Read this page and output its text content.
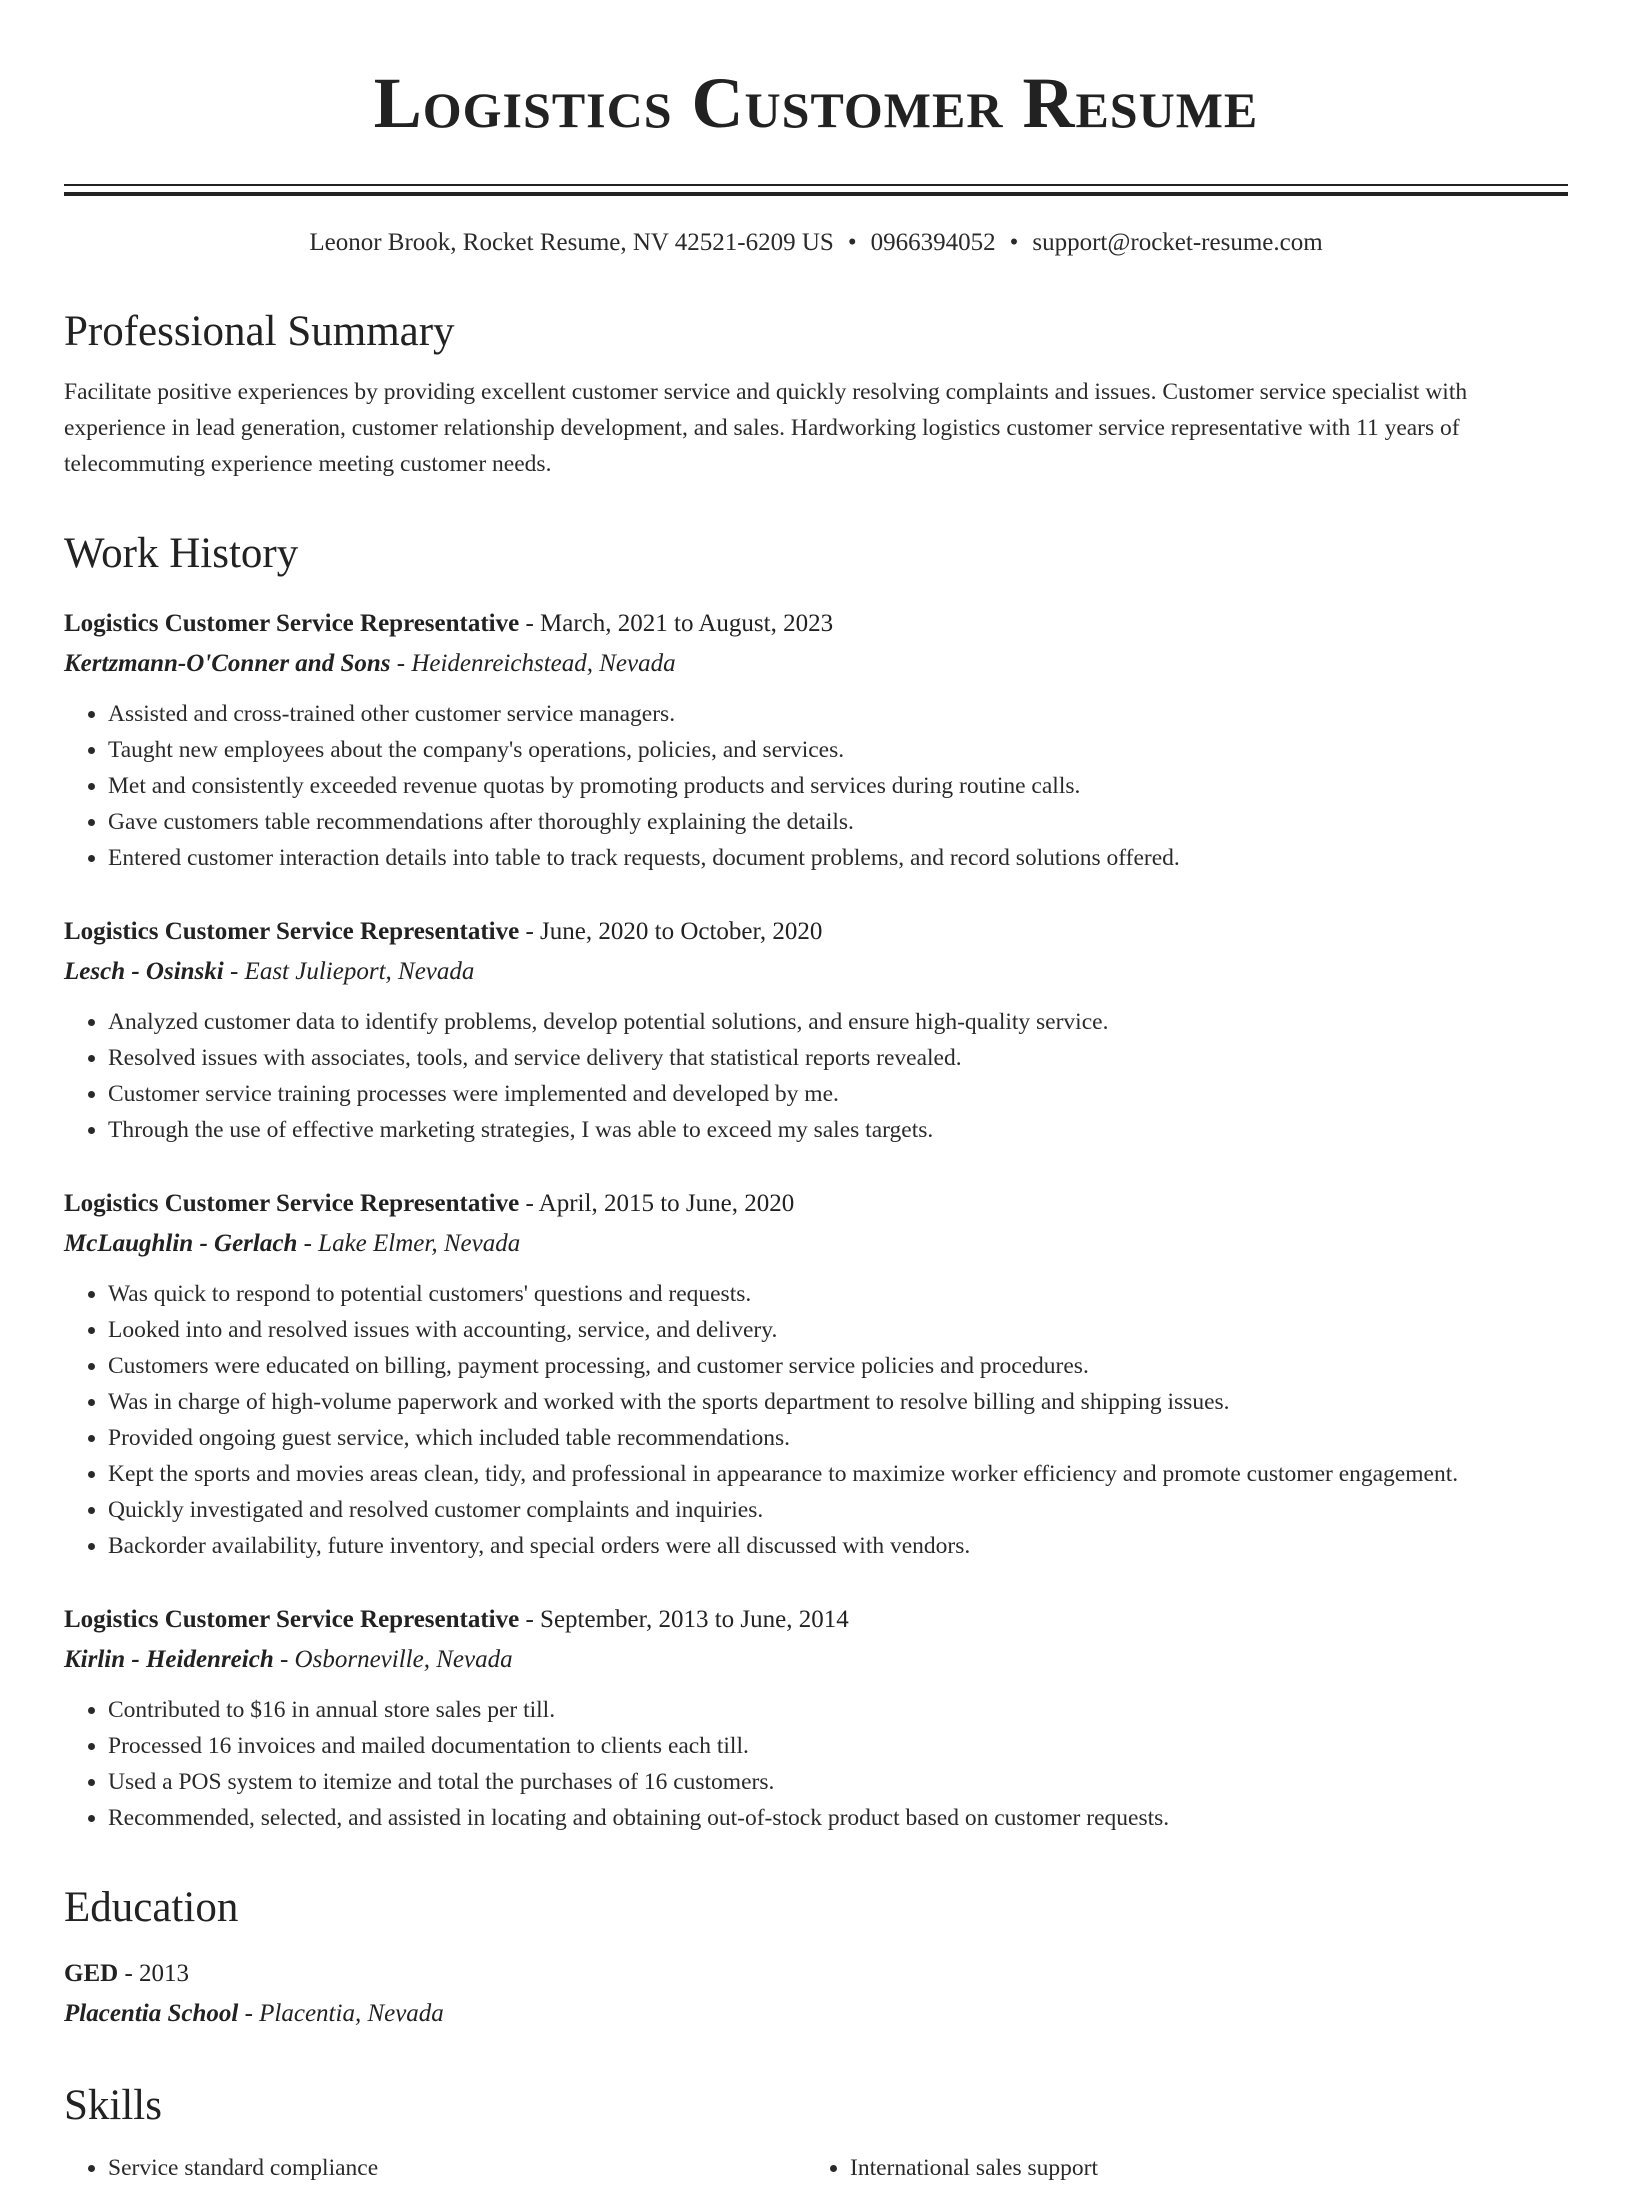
Logistics Customer Resume
Leonor Brook, Rocket Resume, NV 42521-6209 US • 0966394052 • support@rocket-resume.com
Professional Summary

Facilitate positive experiences by providing excellent customer service and quickly resolving complaints and issues. Customer service specialist with experience in lead generation, customer relationship development, and sales. Hardworking logistics customer service representative with 11 years of telecommuting experience meeting customer needs.

Work History
Logistics Customer Service Representative - March, 2021 to August, 2023
Kertzmann-O'Conner and Sons - Heidenreichstead, Nevada
• Assisted and cross-trained other customer service managers.
• Taught new employees about the company's operations, policies, and services.
• Met and consistently exceeded revenue quotas by promoting products and services during routine calls.
• Gave customers table recommendations after thoroughly explaining the details.
• Entered customer interaction details into table to track requests, document problems, and record solutions offered.
Logistics Customer Service Representative - June, 2020 to October, 2020
Lesch - Osinski - East Julieport, Nevada
• Analyzed customer data to identify problems, develop potential solutions, and ensure high-quality service.
• Resolved issues with associates, tools, and service delivery that statistical reports revealed.
• Customer service training processes were implemented and developed by me.
• Through the use of effective marketing strategies, I was able to exceed my sales targets.
Logistics Customer Service Representative - April, 2015 to June, 2020
McLaughlin - Gerlach - Lake Elmer, Nevada
• Was quick to respond to potential customers' questions and requests.
• Looked into and resolved issues with accounting, service, and delivery.
• Customers were educated on billing, payment processing, and customer service policies and procedures.
• Was in charge of high-volume paperwork and worked with the sports department to resolve billing and shipping issues.
• Provided ongoing guest service, which included table recommendations.
• Kept the sports and movies areas clean, tidy, and professional in appearance to maximize worker efficiency and promote customer engagement.
• Quickly investigated and resolved customer complaints and inquiries.
• Backorder availability, future inventory, and special orders were all discussed with vendors.
Logistics Customer Service Representative - September, 2013 to June, 2014
Kirlin - Heidenreich - Osborneville, Nevada
• Contributed to $16 in annual store sales per till.
• Processed 16 invoices and mailed documentation to clients each till.
• Used a POS system to itemize and total the purchases of 16 customers.
• Recommended, selected, and assisted in locating and obtaining out-of-stock product based on customer requests.
Education
GED - 2013
Placentia School - Placentia, Nevada
Skills
• Service standard compliance
•	International sales support
